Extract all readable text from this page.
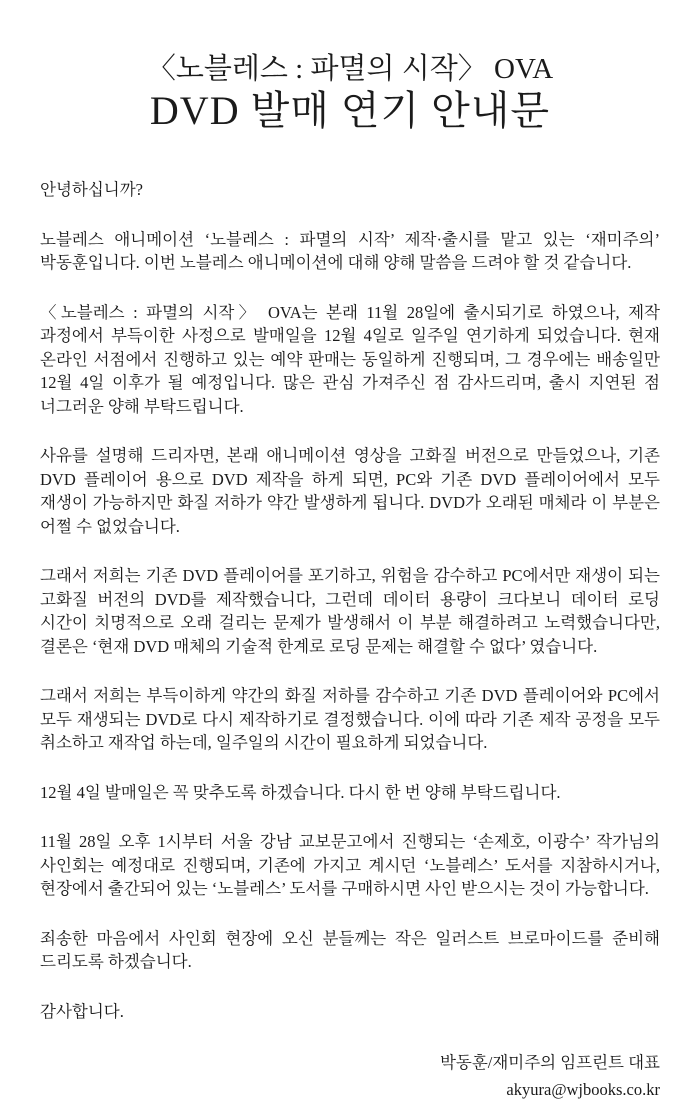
〈노블레스 : 파멸의 시작〉 OVA
DVD 발매 연기 안내문

안녕하십니까?

노블레스 애니메이션 ‘노블레스 : 파멸의 시작’ 제작·출시를 맡고 있는 ‘재미주의’ 박동훈입니다. 이번 노블레스 애니메이션에 대해 양해 말씀을 드려야 할 것 같습니다.

〈노블레스 : 파멸의 시작〉 OVA는 본래 11월 28일에 출시되기로 하였으나, 제작 과정에서 부득이한 사정으로 발매일을 12월 4일로 일주일 연기하게 되었습니다. 현재 온라인 서점에서 진행하고 있는 예약 판매는 동일하게 진행되며, 그 경우에는 배송일만 12월 4일 이후가 될 예정입니다. 많은 관심 가져주신 점 감사드리며, 출시 지연된 점 너그러운 양해 부탁드립니다.

사유를 설명해 드리자면, 본래 애니메이션 영상을 고화질 버전으로 만들었으나, 기존 DVD 플레이어 용으로 DVD 제작을 하게 되면, PC와 기존 DVD 플레이어에서 모두 재생이 가능하지만 화질 저하가 약간 발생하게 됩니다. DVD가 오래된 매체라 이 부분은 어쩔 수 없었습니다.

그래서 저희는 기존 DVD 플레이어를 포기하고, 위험을 감수하고 PC에서만 재생이 되는 고화질 버전의 DVD를 제작했습니다, 그런데 데이터 용량이 크다보니 데이터 로딩 시간이 치명적으로 오래 걸리는 문제가 발생해서 이 부분 해결하려고 노력했습니다만, 결론은 ‘현재 DVD 매체의 기술적 한계로 로딩 문제는 해결할 수 없다’ 였습니다.

그래서 저희는 부득이하게 약간의 화질 저하를 감수하고 기존 DVD 플레이어와 PC에서 모두 재생되는 DVD로 다시 제작하기로 결정했습니다. 이에 따라 기존 제작 공정을 모두 취소하고 재작업 하는데, 일주일의 시간이 필요하게 되었습니다.

12월 4일 발매일은 꼭 맞추도록 하겠습니다. 다시 한 번 양해 부탁드립니다.

11월 28일 오후 1시부터 서울 강남 교보문고에서 진행되는 ‘손제호, 이광수’ 작가님의 사인회는 예정대로 진행되며, 기존에 가지고 계시던 ‘노블레스’ 도서를 지참하시거나, 현장에서 출간되어 있는 ‘노블레스’ 도서를 구매하시면 사인 받으시는 것이 가능합니다.

죄송한 마음에서 사인회 현장에 오신 분들께는 작은 일러스트 브로마이드를 준비해 드리도록 하겠습니다.

감사합니다.

박동훈/재미주의 임프린트 대표

akyura@wjbooks.co.kr
